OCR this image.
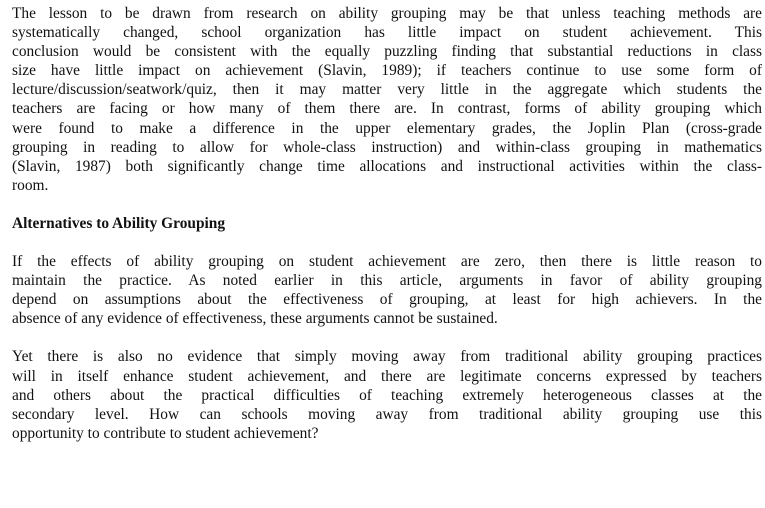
The lesson to be drawn from research on ability grouping may be that unless teaching methods are
systematically changed, school organization has little impact on student achievement. This
conclusion would be consistent with the equally puzzling finding that substantial reductions in class
size have little impact on achievement (Slavin, 1989); if teachers continue to use some form of
lecture/discussion/seatwork/quiz, then it may matter very little in the aggregate which students the
teachers are facing or how many of them there are. In contrast, forms of ability grouping which
were found to make a difference in the upper elementary grades, the Joplin Plan (cross-grade
grouping in reading to allow for whole-class instruction) and within-class grouping in mathematics
(Slavin, 1987) both significantly change time allocations and instructional activities within the class-
room.
Alternatives to Ability Grouping
If the effects of ability grouping on student achievement are zero, then there is little reason to
maintain the practice. As noted earlier in this article, arguments in favor of ability grouping
depend on assumptions about the effectiveness of grouping, at least for high achievers. In the
absence of any evidence of effectiveness, these arguments cannot be sustained.
Yet there is also no evidence that simply moving away from traditional ability grouping practices
will in itself enhance student achievement, and there are legitimate concerns expressed by teachers
and others about the practical difficulties of teaching extremely heterogeneous classes at the
secondary level. How can schools moving away from traditional ability grouping use this
opportunity to contribute to student achievement?
